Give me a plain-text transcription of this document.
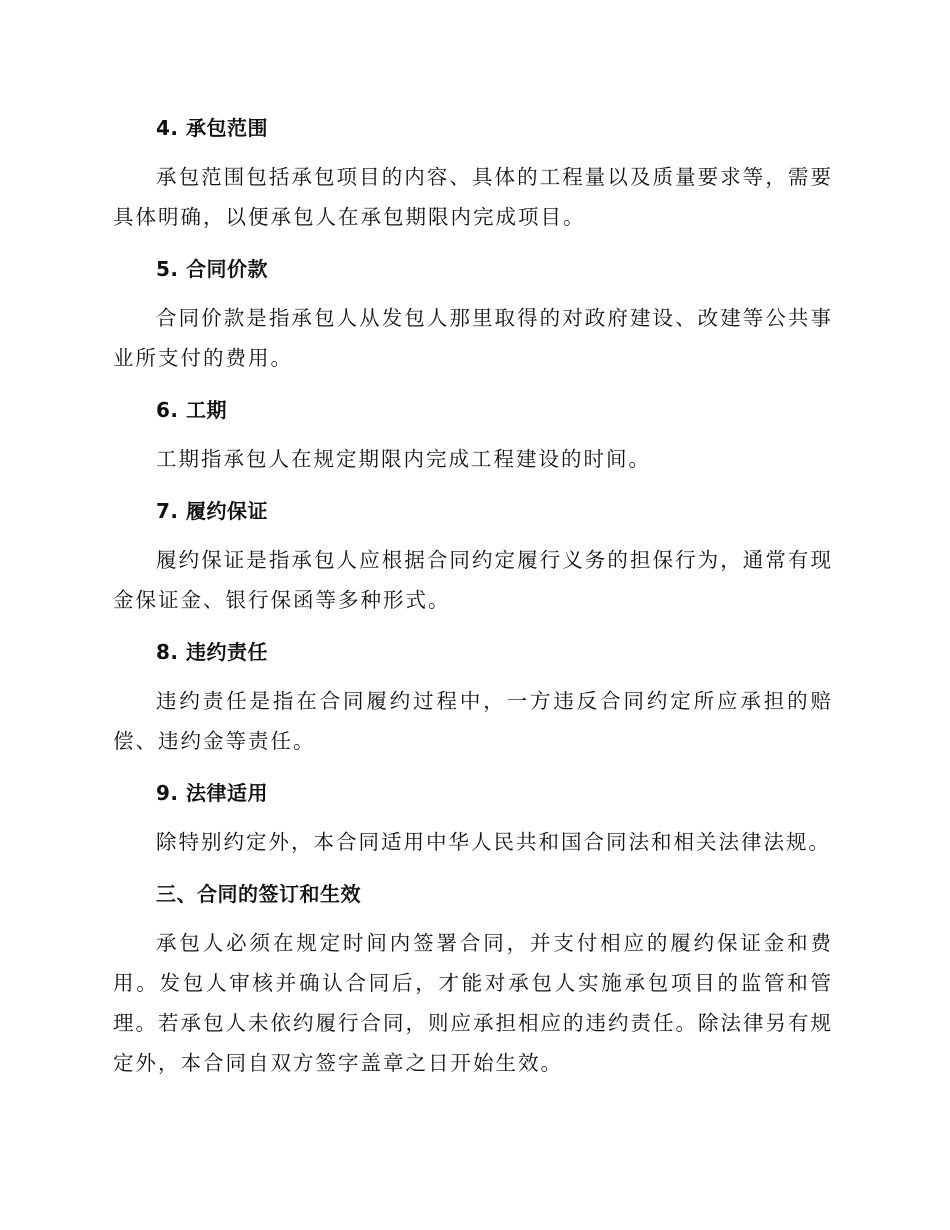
4. 承包范围

承包范围包括承包项目的内容、具体的工程量以及质量要求等，需要具体明确，以便承包人在承包期限内完成项目。

5. 合同价款

合同价款是指承包人从发包人那里取得的对政府建设、改建等公共事业所支付的费用。

6. 工期

工期指承包人在规定期限内完成工程建设的时间。

7. 履约保证

履约保证是指承包人应根据合同约定履行义务的担保行为，通常有现金保证金、银行保函等多种形式。

8. 违约责任

违约责任是指在合同履约过程中，一方违反合同约定所应承担的赔偿、违约金等责任。

9. 法律适用

除特别约定外，本合同适用中华人民共和国合同法和相关法律法规。

三、合同的签订和生效

承包人必须在规定时间内签署合同，并支付相应的履约保证金和费用。发包人审核并确认合同后，才能对承包人实施承包项目的监管和管理。若承包人未依约履行合同，则应承担相应的违约责任。除法律另有规定外，本合同自双方签字盖章之日开始生效。
